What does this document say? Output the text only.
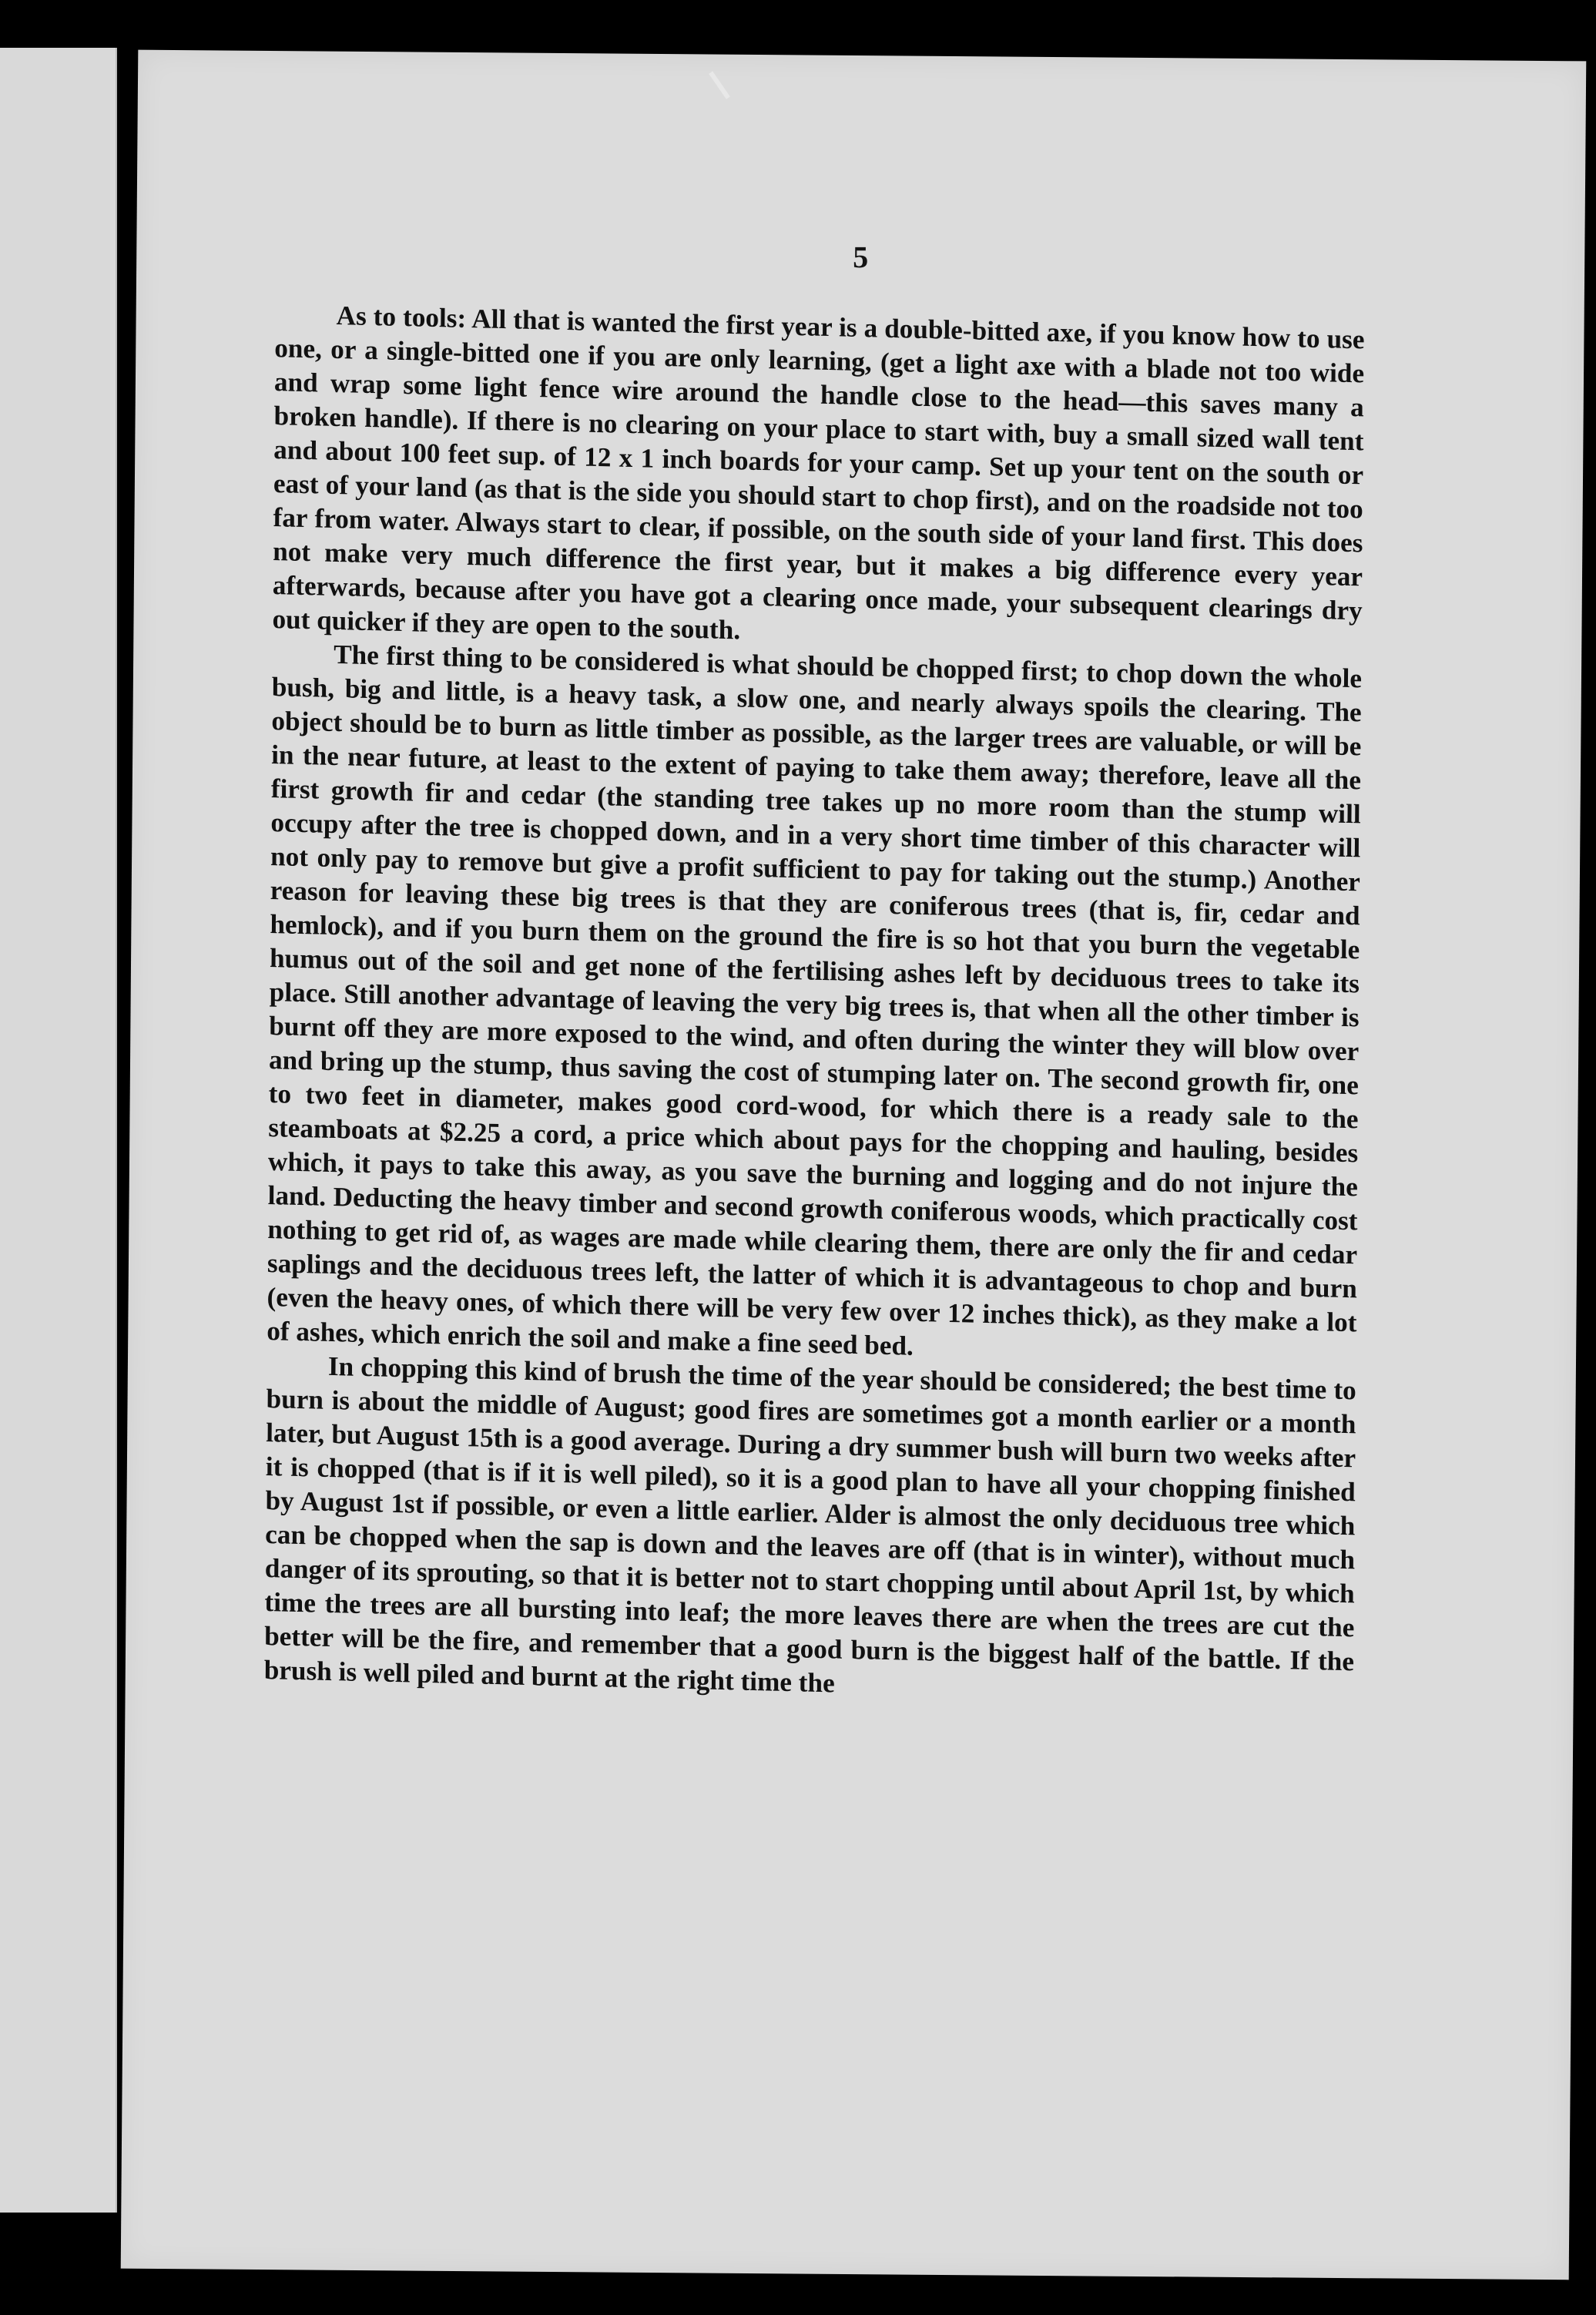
5

As to tools: All that is wanted the first year is a double-bitted axe, if you know how to use one, or a single-bitted one if you are only learning, (get a light axe with a blade not too wide and wrap some light fence wire around the handle close to the head—this saves many a broken handle). If there is no clearing on your place to start with, buy a small sized wall tent and about 100 feet sup. of 12 x 1 inch boards for your camp. Set up your tent on the south or east of your land (as that is the side you should start to chop first), and on the roadside not too far from water. Always start to clear, if possible, on the south side of your land first. This does not make very much difference the first year, but it makes a big difference every year afterwards, because after you have got a clearing once made, your subsequent clearings dry out quicker if they are open to the south.

The first thing to be considered is what should be chopped first; to chop down the whole bush, big and little, is a heavy task, a slow one, and nearly always spoils the clearing. The object should be to burn as little timber as possible, as the larger trees are valuable, or will be in the near future, at least to the extent of paying to take them away; therefore, leave all the first growth fir and cedar (the standing tree takes up no more room than the stump will occupy after the tree is chopped down, and in a very short time timber of this character will not only pay to remove but give a profit sufficient to pay for taking out the stump.) Another reason for leaving these big trees is that they are coniferous trees (that is, fir, cedar and hemlock), and if you burn them on the ground the fire is so hot that you burn the vegetable humus out of the soil and get none of the fertilising ashes left by deciduous trees to take its place. Still another advantage of leaving the very big trees is, that when all the other timber is burnt off they are more exposed to the wind, and often during the winter they will blow over and bring up the stump, thus saving the cost of stumping later on. The second growth fir, one to two feet in diameter, makes good cord-wood, for which there is a ready sale to the steamboats at $2.25 a cord, a price which about pays for the chopping and hauling, besides which, it pays to take this away, as you save the burning and logging and do not injure the land. Deducting the heavy timber and second growth coniferous woods, which practically cost nothing to get rid of, as wages are made while clearing them, there are only the fir and cedar saplings and the deciduous trees left, the latter of which it is advantageous to chop and burn (even the heavy ones, of which there will be very few over 12 inches thick), as they make a lot of ashes, which enrich the soil and make a fine seed bed.

In chopping this kind of brush the time of the year should be considered; the best time to burn is about the middle of August; good fires are sometimes got a month earlier or a month later, but August 15th is a good average. During a dry summer bush will burn two weeks after it is chopped (that is if it is well piled), so it is a good plan to have all your chopping finished by August 1st if possible, or even a little earlier. Alder is almost the only deciduous tree which can be chopped when the sap is down and the leaves are off (that is in winter), without much danger of its sprouting, so that it is better not to start chopping until about April 1st, by which time the trees are all bursting into leaf; the more leaves there are when the trees are cut the better will be the fire, and remember that a good burn is the biggest half of the battle. If the brush is well piled and burnt at the right time the
